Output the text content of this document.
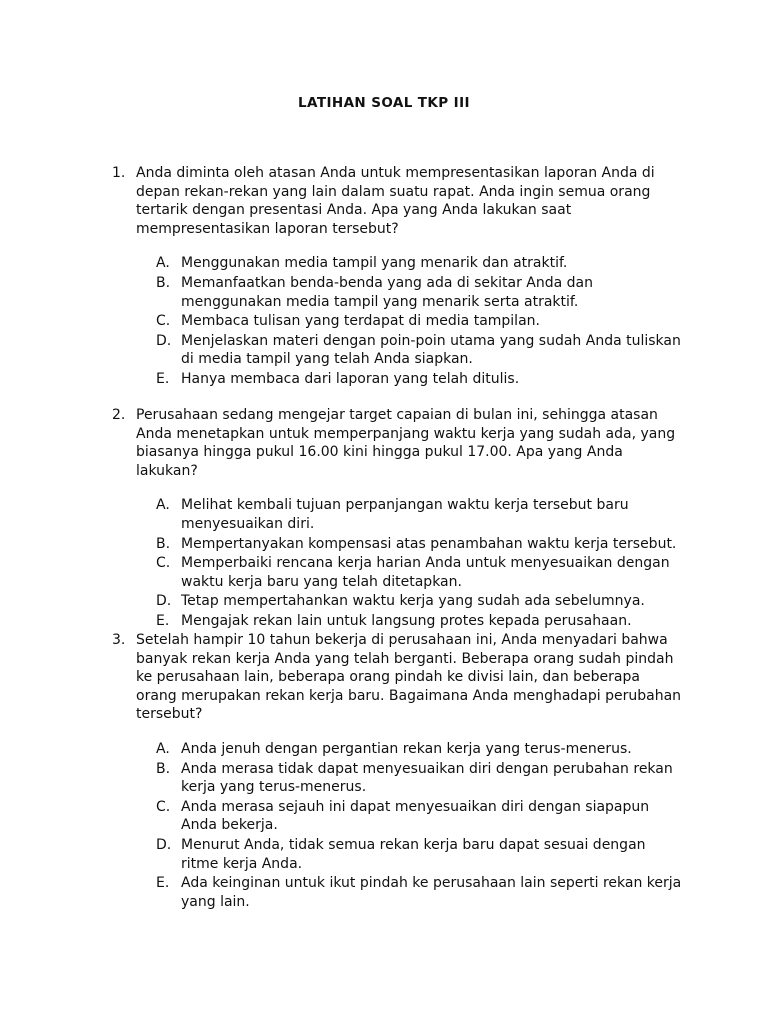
LATIHAN SOAL TKP III
1. Anda diminta oleh atasan Anda untuk mempresentasikan laporan Anda di depan rekan-rekan yang lain dalam suatu rapat. Anda ingin semua orang tertarik dengan presentasi Anda. Apa yang Anda lakukan saat mempresentasikan laporan tersebut?
A. Menggunakan media tampil yang menarik dan atraktif.
B. Memanfaatkan benda-benda yang ada di sekitar Anda dan menggunakan media tampil yang menarik serta atraktif.
C. Membaca tulisan yang terdapat di media tampilan.
D. Menjelaskan materi dengan poin-poin utama yang sudah Anda tuliskan di media tampil yang telah Anda siapkan.
E. Hanya membaca dari laporan yang telah ditulis.
2. Perusahaan sedang mengejar target capaian di bulan ini, sehingga atasan Anda menetapkan untuk memperpanjang waktu kerja yang sudah ada, yang biasanya hingga pukul 16.00 kini hingga pukul 17.00. Apa yang Anda lakukan?
A. Melihat kembali tujuan perpanjangan waktu kerja tersebut baru menyesuaikan diri.
B. Mempertanyakan kompensasi atas penambahan waktu kerja tersebut.
C. Memperbaiki rencana kerja harian Anda untuk menyesuaikan dengan waktu kerja baru yang telah ditetapkan.
D. Tetap mempertahankan waktu kerja yang sudah ada sebelumnya.
E. Mengajak rekan lain untuk langsung protes kepada perusahaan.
3. Setelah hampir 10 tahun bekerja di perusahaan ini, Anda menyadari bahwa banyak rekan kerja Anda yang telah berganti. Beberapa orang sudah pindah ke perusahaan lain, beberapa orang pindah ke divisi lain, dan beberapa orang merupakan rekan kerja baru. Bagaimana Anda menghadapi perubahan tersebut?
A. Anda jenuh dengan pergantian rekan kerja yang terus-menerus.
B. Anda merasa tidak dapat menyesuaikan diri dengan perubahan rekan kerja yang terus-menerus.
C. Anda merasa sejauh ini dapat menyesuaikan diri dengan siapapun Anda bekerja.
D. Menurut Anda, tidak semua rekan kerja baru dapat sesuai dengan ritme kerja Anda.
E. Ada keinginan untuk ikut pindah ke perusahaan lain seperti rekan kerja yang lain.
